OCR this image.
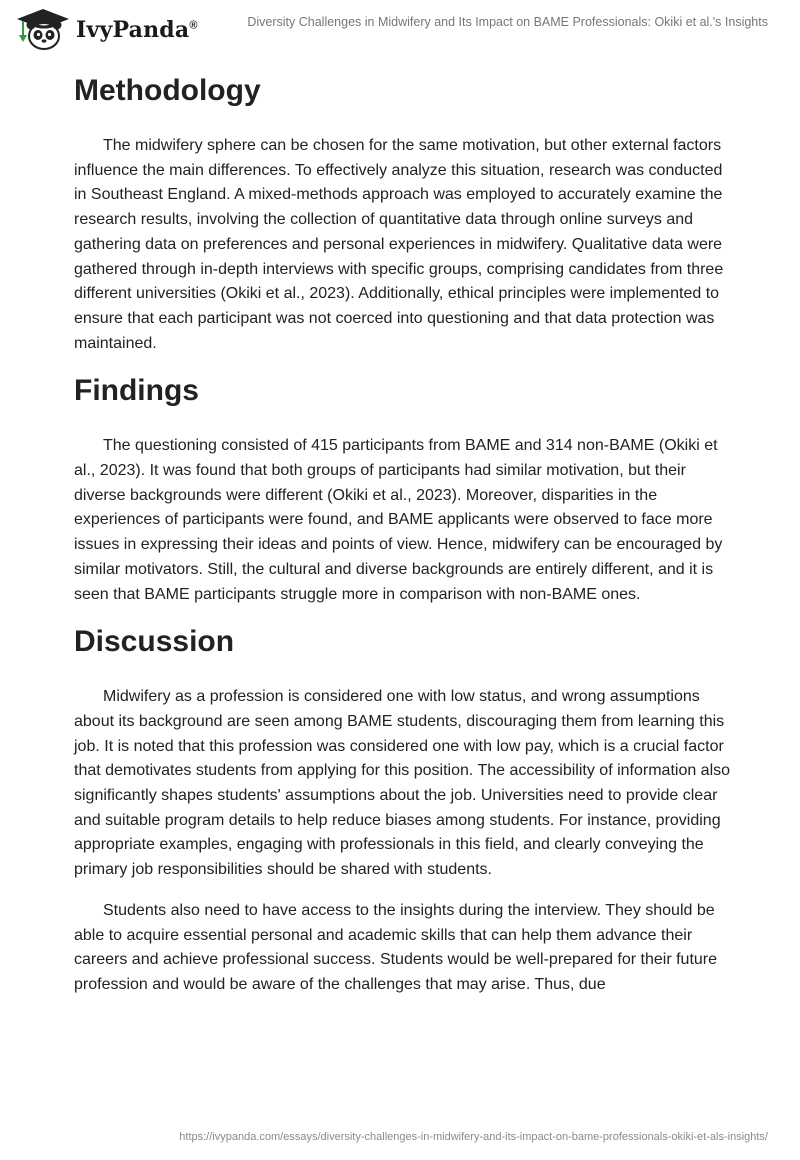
IvyPanda®	Diversity Challenges in Midwifery and Its Impact on BAME Professionals: Okiki et al.'s Insights
Methodology

The midwifery sphere can be chosen for the same motivation, but other external factors influence the main differences. To effectively analyze this situation, research was conducted in Southeast England. A mixed-methods approach was employed to accurately examine the research results, involving the collection of quantitative data through online surveys and gathering data on preferences and personal experiences in midwifery. Qualitative data were gathered through in-depth interviews with specific groups, comprising candidates from three different universities (Okiki et al., 2023). Additionally, ethical principles were implemented to ensure that each participant was not coerced into questioning and that data protection was maintained.

Findings

The questioning consisted of 415 participants from BAME and 314 non-BAME (Okiki et al., 2023). It was found that both groups of participants had similar motivation, but their diverse backgrounds were different (Okiki et al., 2023). Moreover, disparities in the experiences of participants were found, and BAME applicants were observed to face more issues in expressing their ideas and points of view. Hence, midwifery can be encouraged by similar motivators. Still, the cultural and diverse backgrounds are entirely different, and it is seen that BAME participants struggle more in comparison with non-BAME ones.

Discussion

Midwifery as a profession is considered one with low status, and wrong assumptions about its background are seen among BAME students, discouraging them from learning this job. It is noted that this profession was considered one with low pay, which is a crucial factor that demotivates students from applying for this position. The accessibility of information also significantly shapes students' assumptions about the job. Universities need to provide clear and suitable program details to help reduce biases among students. For instance, providing appropriate examples, engaging with professionals in this field, and clearly conveying the primary job responsibilities should be shared with students.

Students also need to have access to the insights during the interview. They should be able to acquire essential personal and academic skills that can help them advance their careers and achieve professional success. Students would be well-prepared for their future profession and would be aware of the challenges that may arise. Thus, due

https://ivypanda.com/essays/diversity-challenges-in-midwifery-and-its-impact-on-bame-professionals-okiki-et-als-insights/
